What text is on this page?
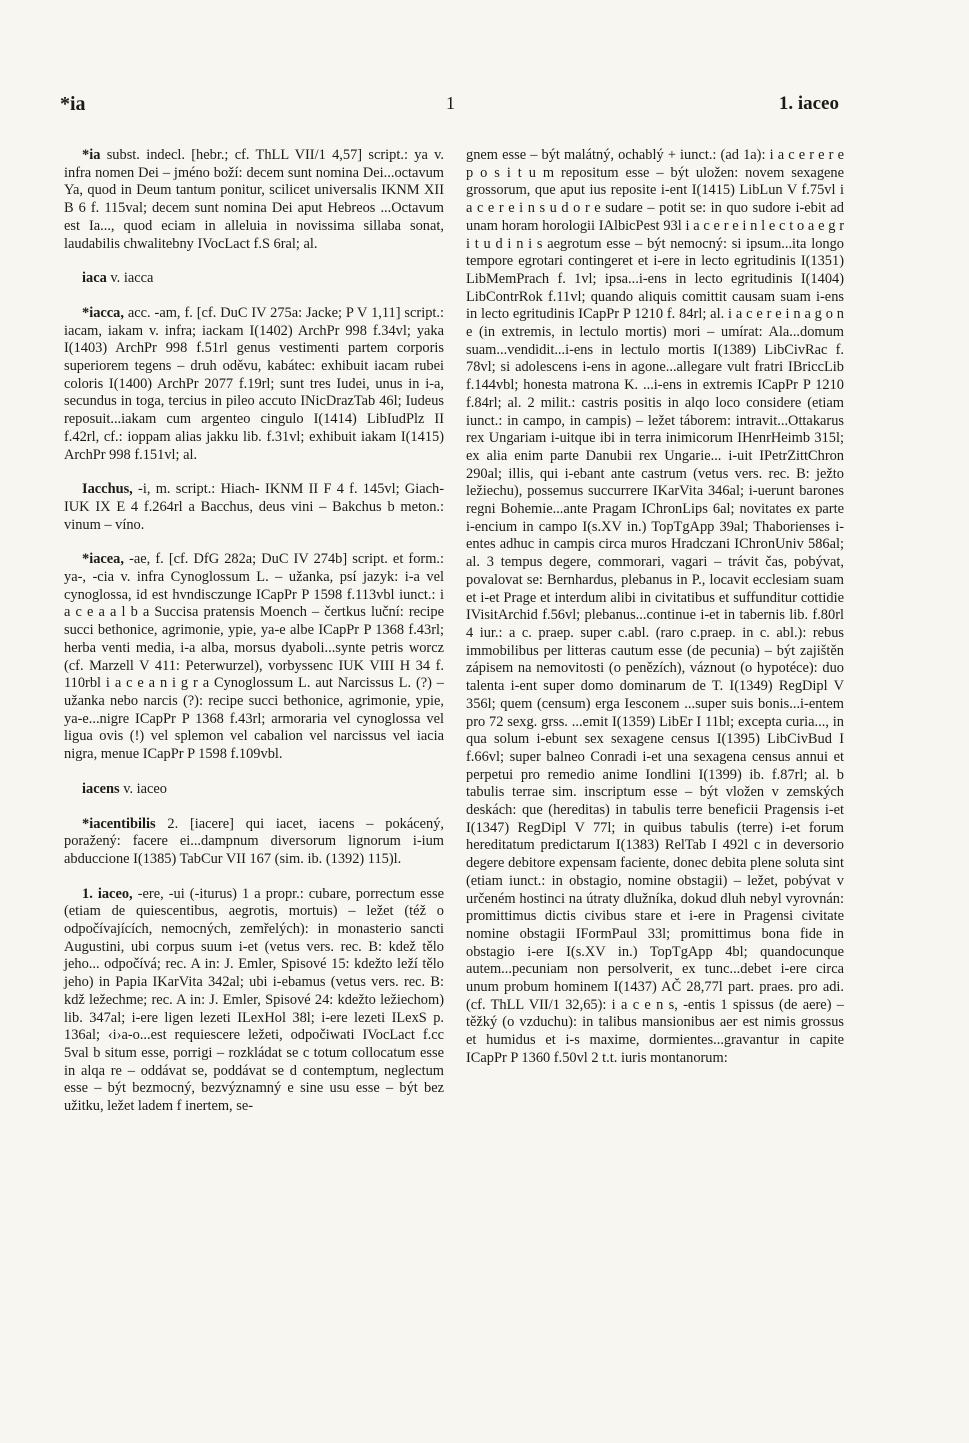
*ia	1	1. iaceo

*ia subst. indecl. [hebr.; cf. ThLL VII/1 4,57] script.: ya v. infra nomen Dei – jméno boží: decem sunt nomina Dei...octavum Ya, quod in Deum tantum ponitur, scilicet universalis IKNM XII B 6 f. 115val; decem sunt nomina Dei aput Hebreos ...Octavum est Ia..., quod eciam in alleluia in novissima sillaba sonat, laudabilis chwalitebny IVocLact f.S 6ral; al.

iaca v. iacca

*iacca, acc. -am, f. [cf. DuC IV 275a: Jacke; P V 1,11] script.: iacam, iakam v. infra; iackam I(1402) ArchPr 998 f.34vl; yaka I(1403) ArchPr 998 f.51rl genus vestimenti partem corporis superiorem tegens – druh oděvu, kabátec: exhibuit iacam rubei coloris I(1400) ArchPr 2077 f.19rl; sunt tres Iudei, unus in i-a, secundus in toga, tercius in pileo accuto INicDrazTab 46l; Iudeus reposuit...iakam cum argenteo cingulo I(1414) LibIudPlz II f.42rl, cf.: ioppam alias jakku lib. f.31vl; exhibuit iakam I(1415) ArchPr 998 f.151vl; al.

Iacchus, -i, m. script.: Hiach- IKNM II F 4 f. 145vl; Giach- IUK IX E 4 f.264rl a Bacchus, deus vini – Bakchus b meton.: vinum – víno.

*iacea, -ae, f. [cf. DfG 282a; DuC IV 274b] script. et form.: ya-, -cia v. infra Cynoglossum L. – užanka, psí jazyk: i-a vel cynoglossa, id est hvndisczunge ICapPr P 1598 f.113vbl iunct.: i a c e a a l b a Succisa pratensis Moench – čertkus luční: recipe succi bethonice, agrimonie, ypie, ya-e albe ICapPr P 1368 f.43rl; herba venti media, i-a alba, morsus dyaboli...synte petris worcz (cf. Marzell V 411: Peterwurzel), vorbyssenc IUK VIII H 34 f. 110rbl i a c e a n i g r a Cynoglossum L. aut Narcissus L. (?) – užanka nebo narcis (?): recipe succi bethonice, agrimonie, ypie, ya-e...nigre ICapPr P 1368 f.43rl; armoraria vel cynoglossa vel ligua ovis (!) vel splemon vel cabalion vel narcissus vel iacia nigra, menue ICapPr P 1598 f.109vbl.

iacens v. iaceo

*iacentibilis 2. [iacere] qui iacet, iacens – pokácený, poražený: facere ei...dampnum diversorum lignorum i-ium abduccione I(1385) TabCur VII 167 (sim. ib. (1392) 115)l.

1. iaceo, -ere, -ui (-iturus) 1 a propr.: cubare, porrectum esse (etiam de quiescentibus, aegrotis, mortuis) – ležet (též o odpočívajících, nemocných, zemřelých): in monasterio sancti Augustini, ubi corpus suum i-et (vetus vers. rec. B: kdež tělo jeho... odpočívá; rec. A in: J. Emler, Spisové 15: kdežto leží tělo jeho) in Papia IKarVita 342al; ubi i-ebamus (vetus vers. rec. B: kdž ležechme; rec. A in: J. Emler, Spisové 24: kdežto ležiechom) lib. 347al; i-ere ligen lezeti ILexHol 38l; i-ere lezeti ILexS p. 136al; ‹i›a-o...est requiescere ležeti, odpočiwati IVocLact f.cc 5val b situm esse, porrigi – rozkládat se c totum collocatum esse in alqa re – oddávat se, poddávat se d contemptum, neglectum esse – být bezmocný, bezvýznamný e sine usu esse – být bez užitku, ležet ladem f inertem, se-

gnem esse – být malátný, ochablý + iunct.: (ad 1a): i a c e r e r e p o s i t u m repositum esse – být uložen: novem sexagene grossorum, que aput ius reposite i-ent I(1415) LibLun V f.75vl i a c e r e i n s u d o r e sudare – potit se: in quo sudore i-ebit ad unam horam horologii IAlbicPest 93l i a c e r e i n l e c t o a e g r i t u d i n i s aegrotum esse – být nemocný: si ipsum...ita longo tempore egrotari contingeret et i-ere in lecto egritudinis I(1351) LibMemPrach f. 1vl; ipsa...i-ens in lecto egritudinis I(1404) LibContrRok f.11vl; quando aliquis comittit causam suam i-ens in lecto egritudinis ICapPr P 1210 f. 84rl; al. i a c e r e i n a g o n e (in extremis, in lectulo mortis) mori – umírat: Ala...domum suam...vendidit...i-ens in lectulo mortis I(1389) LibCivRac f. 78vl; si adolescens i-ens in agone...allegare vult fratri IBriccLib f.144vbl; honesta matrona K. ...i-ens in extremis ICapPr P 1210 f.84rl; al. 2 milit.: castris positis in alqo loco considere (etiam iunct.: in campo, in campis) – ležet táborem: intravit...Ottakarus rex Ungariam i-uitque ibi in terra inimicorum IHenrHeimb 315l; ex alia enim parte Danubii rex Ungarie... i-uit IPetrZittChron 290al; illis, qui i-ebant ante castrum (vetus vers. rec. B: ježto ležiechu), possemus succurrere IKarVita 346al; i-uerunt barones regni Bohemie...ante Pragam IChronLips 6al; novitates ex parte i-encium in campo I(s.XV in.) TopTgApp 39al; Thaborienses i-entes adhuc in campis circa muros Hradczani IChronUniv 586al; al. 3 tempus degere, commorari, vagari – trávit čas, pobývat, povalovat se: Bernhardus, plebanus in P., locavit ecclesiam suam et i-et Prage et interdum alibi in civitatibus et suffunditur cottidie IVisitArchid f.56vl; plebanus...continue i-et in tabernis lib. f.80rl 4 iur.: a c. praep. super c.abl. (raro c.praep. in c. abl.): rebus immobilibus per litteras cautum esse (de pecunia) – být zajištěn zápisem na nemovitosti (o penězích), váznout (o hypotéce): duo talenta i-ent super domo dominarum de T. I(1349) RegDipl V 356l; quem (censum) erga Iesconem ...super suis bonis...i-entem pro 72 sexg. grss. ...emit I(1359) LibEr I 11bl; excepta curia..., in qua solum i-ebunt sex sexagene census I(1395) LibCivBud I f.66vl; super balneo Conradi i-et una sexagena census annui et perpetui pro remedio anime Iondlini I(1399) ib. f.87rl; al. b tabulis terrae sim. inscriptum esse – být vložen v zemských deskách: que (hereditas) in tabulis terre beneficii Pragensis i-et I(1347) RegDipl V 77l; in quibus tabulis (terre) i-et forum hereditatum predictarum I(1383) RelTab I 492l c in deversorio degere debitore expensam faciente, donec debita plene soluta sint (etiam iunct.: in obstagio, nomine obstagii) – ležet, pobývat v určeném hostinci na útraty dlužníka, dokud dluh nebyl vyrovnán: promittimus dictis civibus stare et i-ere in Pragensi civitate nomine obstagii IFormPaul 33l; promittimus bona fide in obstagio i-ere I(s.XV in.) TopTgApp 4bl; quandocunque autem...pecuniam non persolverit, ex tunc...debet i-ere circa unum probum hominem I(1437) AČ 28,77l part. praes. pro adi. (cf. ThLL VII/1 32,65): i a c e n s, -entis 1 spissus (de aere) – těžký (o vzduchu): in talibus mansionibus aer est nimis grossus et humidus et i-s maxime, dormientes...gravantur in capite ICapPr P 1360 f.50vl 2 t.t. iuris montanorum:
